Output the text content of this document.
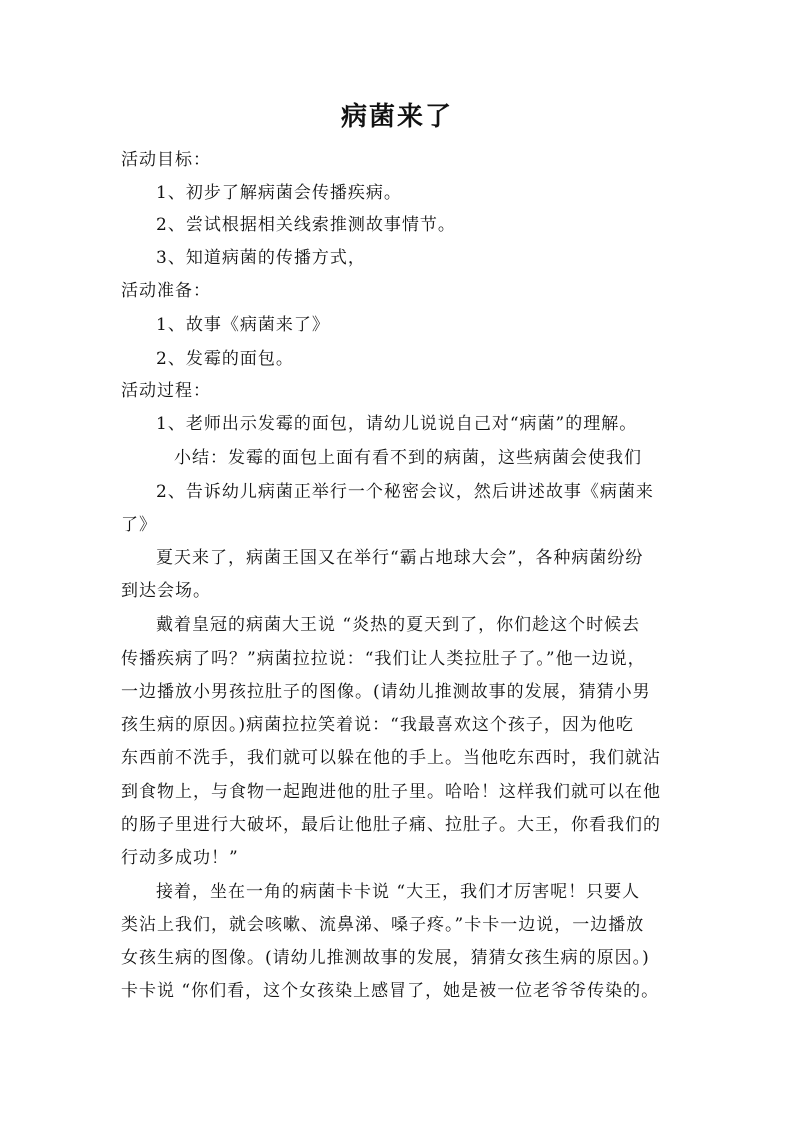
病菌来了
活动目标：
1、初步了解病菌会传播疾病。
2、尝试根据相关线索推测故事情节。
3、知道病菌的传播方式，
活动准备：
1、故事《病菌来了》
2、发霉的面包。
活动过程：
1、老师出示发霉的面包，请幼儿说说自己对“病菌”的理解。
小结：发霉的面包上面有看不到的病菌，这些病菌会使我们
2、告诉幼儿病菌正举行一个秘密会议，然后讲述故事《病菌来
了》
夏天来了，病菌王国又在举行“霸占地球大会”，各种病菌纷纷
到达会场。
戴着皇冠的病菌大王说 “炎热的夏天到了，你们趁这个时候去
传播疾病了吗？”病菌拉拉说：“我们让人类拉肚子了。”他一边说，
一边播放小男孩拉肚子的图像。(请幼儿推测故事的发展，猜猜小男
孩生病的原因。)病菌拉拉笑着说：“我最喜欢这个孩子，因为他吃
东西前不洗手，我们就可以躲在他的手上。当他吃东西时，我们就沾
到食物上，与食物一起跑进他的肚子里。哈哈！这样我们就可以在他
的肠子里进行大破坏，最后让他肚子痛、拉肚子。大王，你看我们的
行动多成功！”
接着，坐在一角的病菌卡卡说 “大王，我们才厉害呢！只要人
类沾上我们，就会咳嗽、流鼻涕、嗓子疼。”卡卡一边说，一边播放
女孩生病的图像。(请幼儿推测故事的发展，猜猜女孩生病的原因。)
卡卡说 “你们看，这个女孩染上感冒了，她是被一位老爷爷传染的。
